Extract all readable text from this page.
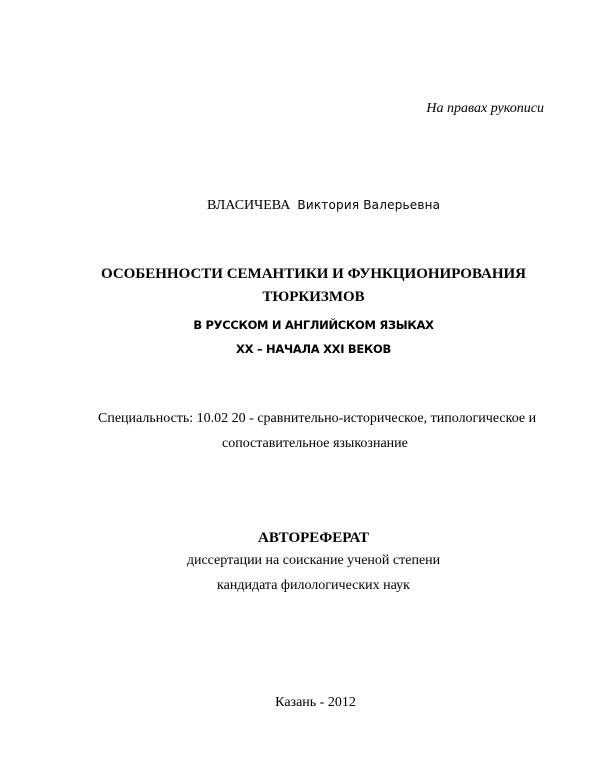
На правах рукописи
ВЛАСИЧЕВА Виктория Валерьевна
ОСОБЕННОСТИ СЕМАНТИКИ И ФУНКЦИОНИРОВАНИЯ
ТЮРКИЗМОВ
В РУССКОМ И АНГЛИЙСКОМ ЯЗЫКАХ
XX – НАЧАЛА XXI ВЕКОВ
Специальность: 10.02 20 - сравнительно-историческое, типологическое и
сопоставительное языкознание
АВТОРЕФЕРАТ
диссертации на соискание ученой степени
кандидата филологических наук
Казань - 2012
